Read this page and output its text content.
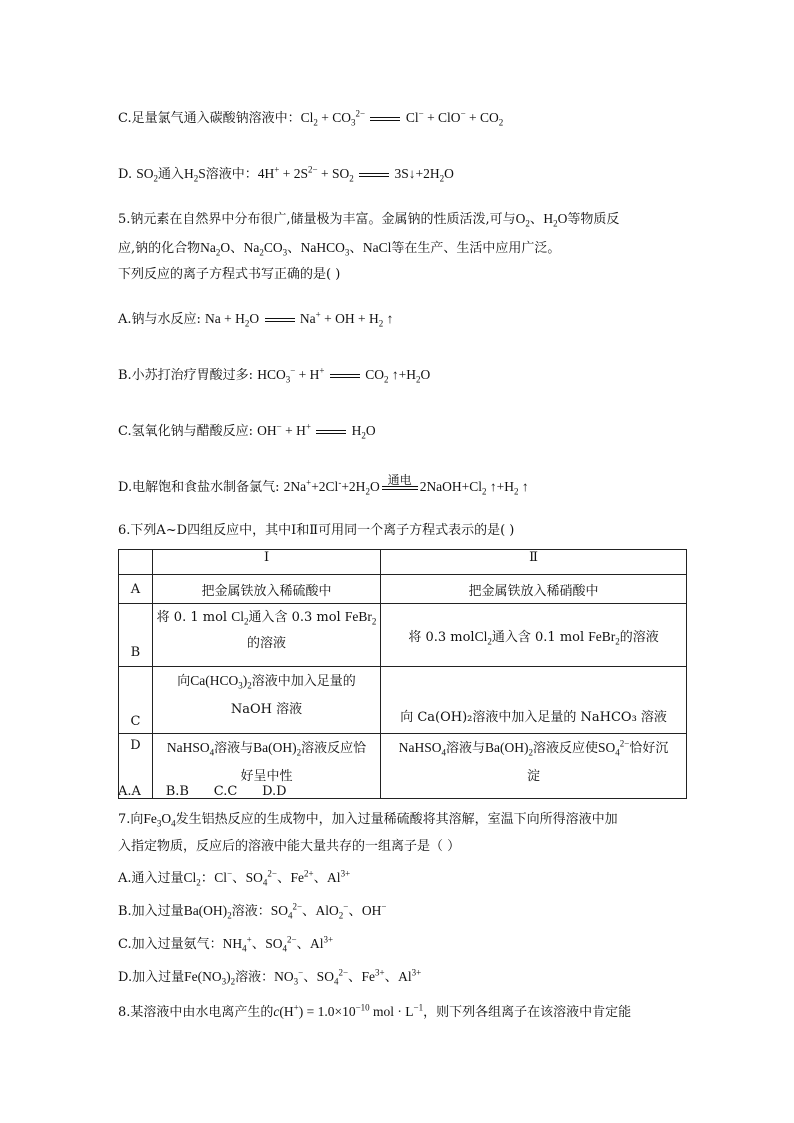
C.足量氯气通入碳酸钠溶液中：$Cl_2 + CO_3^{2-}$	$Cl^- + ClO^- + CO_2$
D. $SO_2$通入$H_2S$溶液中：$4H^+ + 2S^{2-} + SO_2$	$3S↓+2H_2O$
5.钠元素在自然界中分布很广,储量极为丰富。金属钠的性质活泼,可与$O_2$、$H_2O$等物质反
应,钠的化合物$Na_2O$、$Na_2CO_3$、NaHCO$_3$、NaCl等在生产、生活中应用广泛。
下列反应的离子方程式书写正确的是( )
A.钠与水反应: $Na + H_2O$	Na+ + OH + $H_2$ ↑
B.小苏打治疗胃酸过多: $HCO_3^- + H^+$	$CO_2$ $↑+H_2O$
C.氢氧化钠与醋酸反应: OH− + H+	$H_2O$
D.电解饱和食盐水制备氯气: $2Na^++2Cl^-+2H_2O$ 通电 $2NaOH+Cl_2$ $↑+H_2$ ↑
6.下列A~D四组反应中，其中Ⅰ和Ⅱ可用同一个离子方程式表示的是( )
	Ⅰ	Ⅱ
A	把金属铁放入稀硫酸中	把金属铁放入稀硝酸中

B	将 0. 1 mol $Cl_2$通入含 0.3 mol FeBr$_2$
的溶液	将 0.3 molCl$_2$通入含 0.1 mol FeBr$_2$的溶液

C	向$Ca(HCO_3)_2$溶液中加入足量的
NaOH 溶液	向 Ca(OH)₂溶液中加入足量的 NaHCO₃ 溶液

D	NaHSO$_4$溶液与$Ba(OH)_2$溶液反应恰
好呈中性	NaHSO$_4$溶液与$Ba(OH)_2$溶液反应使$SO_4^{2-}$恰好沉
淀
A.A      B.B      C.C      D.D
7.向$Fe_3O_4$发生铝热反应的生成物中，加入过量稀硫酸将其溶解，室温下向所得溶液中加
入指定物质，反应后的溶液中能大量共存的一组离子是（ ）
A.通入过量$Cl_2$：Cl−、$SO_4^{2-}$、$Fe^{2+}$、$Al^{3+}$
B.加入过量$Ba(OH)_2$溶液：$SO_4^{2-}$、AlO$_2$−、OH−
C.加入过量氨气：$NH_4^+$、$SO_4^{2-}$、$Al^{3+}$
D.加入过量$Fe(NO_3)_2$溶液：$NO_3^-$、$SO_4^{2-}$、$Fe^{3+}$、$Al^{3+}$
8.某溶液中由水电离产生的$c(H^+) = 1.0\times 10^{-10}$ mol · $L^{-1}$，则下列各组离子在该溶液中肯定能
